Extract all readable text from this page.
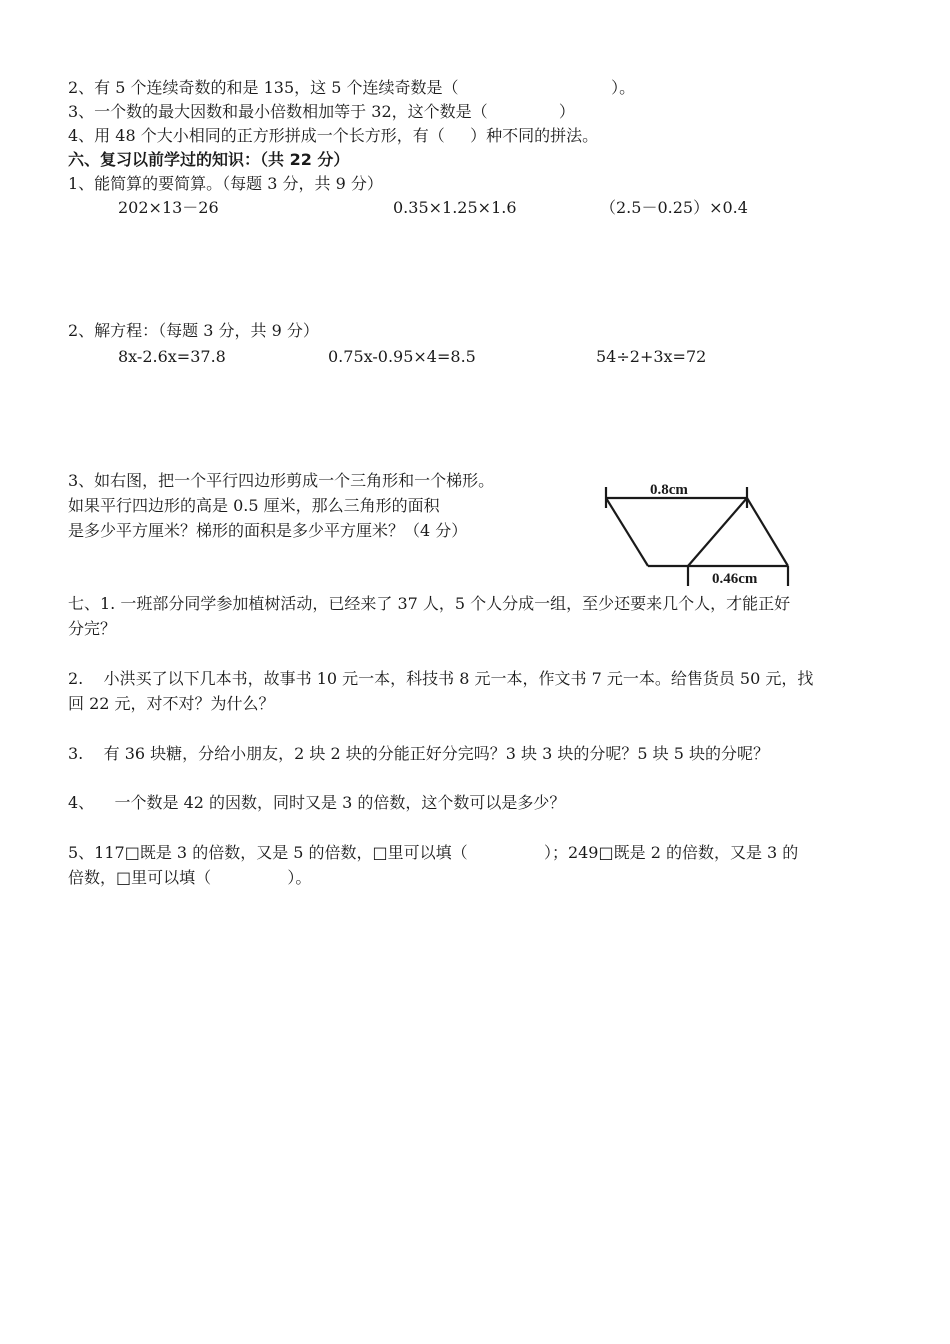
2、有 5 个连续奇数的和是 135，这 5 个连续奇数是（                              ）。
3、一个数的最大因数和最小倍数相加等于 32，这个数是（              ）
4、用 48 个大小相同的正方形拼成一个长方形，有（     ）种不同的拼法。
六、复习以前学过的知识：（共 22 分）
1、能简算的要简算。（每题 3 分，共 9 分）
202×13－26	0.35×1.25×1.6	（2.5－0.25）×0.4
2、解方程：（每题 3 分，共 9 分）
8x-2.6x=37.8	0.75x-0.95×4=8.5	54÷2+3x=72
3、如右图，把一个平行四边形剪成一个三角形和一个梯形。
如果平行四边形的高是 0.5 厘米，那么三角形的面积
是多少平方厘米？梯形的面积是多少平方厘米？（4 分）
0.8cm
0.46cm
七、1. 一班部分同学参加植树活动，已经来了 37 人，5 个人分成一组，至少还要来几个人，才能正好
分完？
2.    小洪买了以下几本书，故事书 10 元一本，科技书 8 元一本，作文书 7 元一本。给售货员 50 元，找
回 22 元，对不对？为什么？
3.    有 36 块糖，分给小朋友，2 块 2 块的分能正好分完吗？3 块 3 块的分呢？5 块 5 块的分呢？
4、    一个数是 42 的因数，同时又是 3 的倍数，这个数可以是多少？
5、117□既是 3 的倍数，又是 5 的倍数，□里可以填（               ）；249□既是 2 的倍数，又是 3 的
倍数，□里可以填（               ）。
